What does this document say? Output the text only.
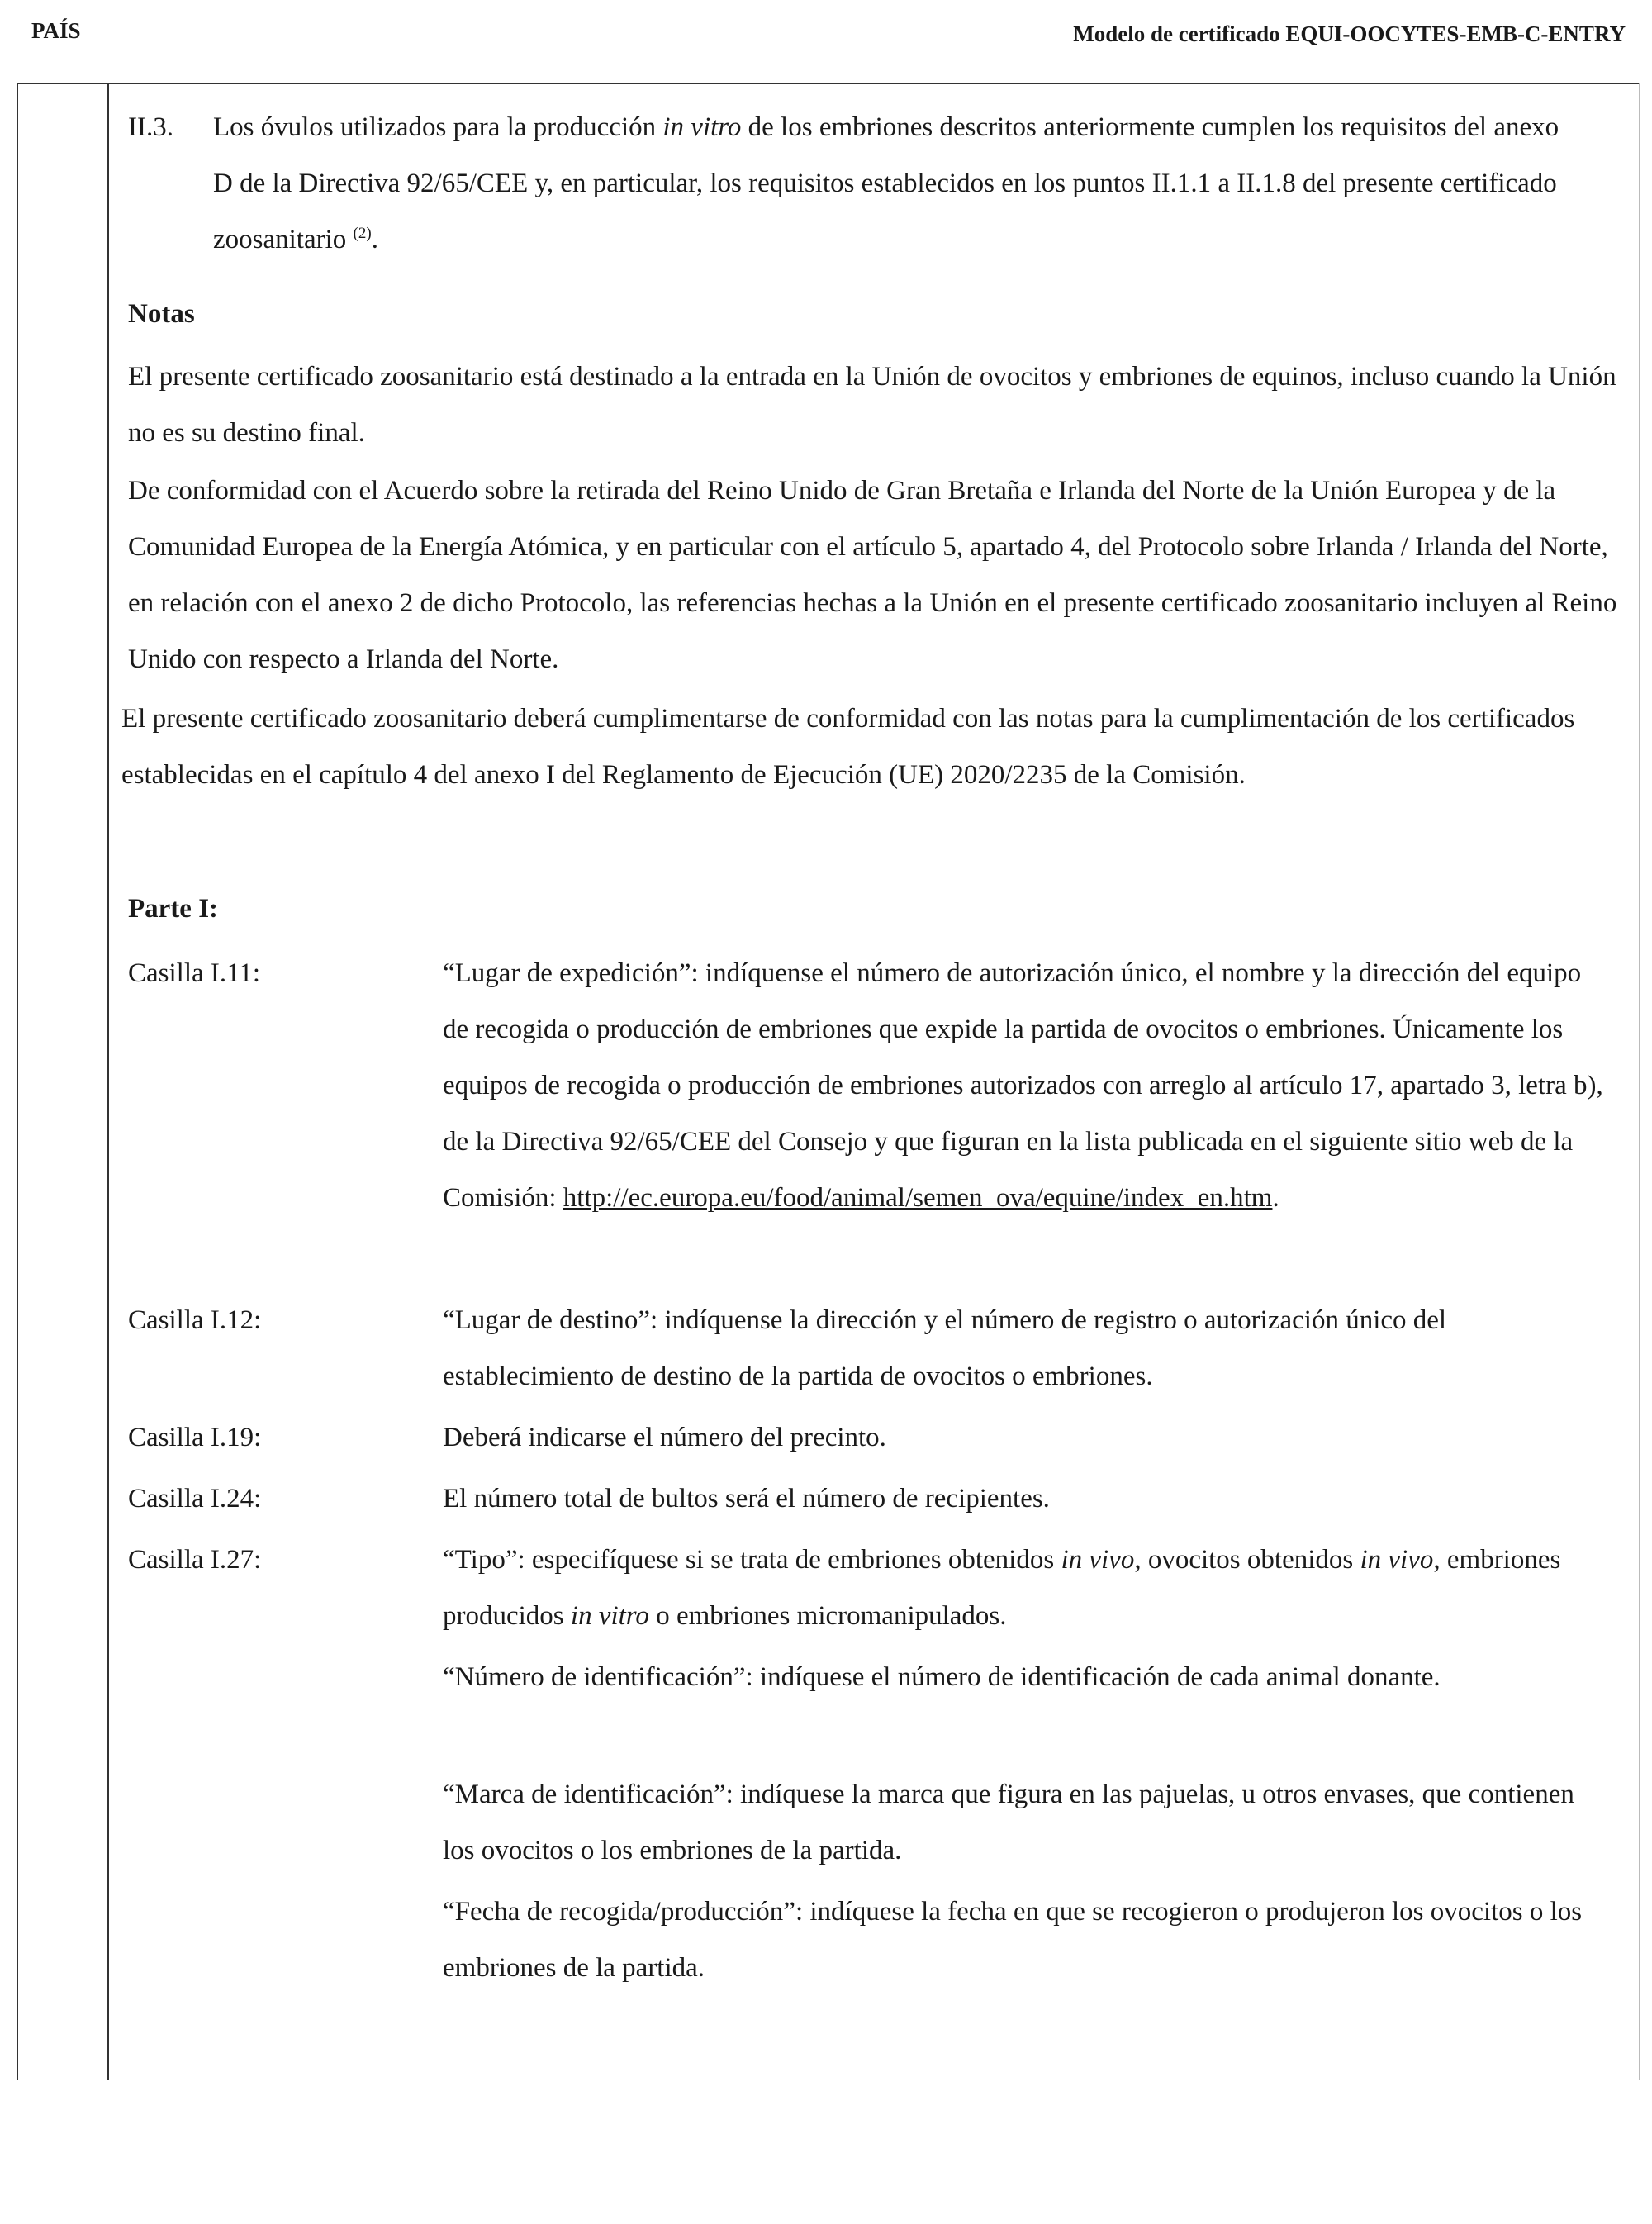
PAÍS	Modelo de certificado EQUI-OOCYTES-EMB-C-ENTRY
II.3. Los óvulos utilizados para la producción in vitro de los embriones descritos anteriormente cumplen los requisitos del anexo D de la Directiva 92/65/CEE y, en particular, los requisitos establecidos en los puntos II.1.1 a II.1.8 del presente certificado zoosanitario $^{(2)}$.
Notas
El presente certificado zoosanitario está destinado a la entrada en la Unión de ovocitos y embriones de equinos, incluso cuando la Unión no es su destino final.
De conformidad con el Acuerdo sobre la retirada del Reino Unido de Gran Bretaña e Irlanda del Norte de la Unión Europea y de la Comunidad Europea de la Energía Atómica, y en particular con el artículo 5, apartado 4, del Protocolo sobre Irlanda / Irlanda del Norte, en relación con el anexo 2 de dicho Protocolo, las referencias hechas a la Unión en el presente certificado zoosanitario incluyen al Reino Unido con respecto a Irlanda del Norte.
El presente certificado zoosanitario deberá cumplimentarse de conformidad con las notas para la cumplimentación de los certificados establecidas en el capítulo 4 del anexo I del Reglamento de Ejecución (UE) 2020/2235 de la Comisión.
Parte I:
Casilla I.11:	“Lugar de expedición”: indíquense el número de autorización único, el nombre y la dirección del equipo de recogida o producción de embriones que expide la partida de ovocitos o embriones. Únicamente los equipos de recogida o producción de embriones autorizados con arreglo al artículo 17, apartado 3, letra b), de la Directiva 92/65/CEE del Consejo y que figuran en la lista publicada en el siguiente sitio web de la Comisión: http://ec.europa.eu/food/animal/semen_ova/equine/index_en.htm.
Casilla I.12:	“Lugar de destino”: indíquense la dirección y el número de registro o autorización único del establecimiento de destino de la partida de ovocitos o embriones.
Casilla I.19:	Deberá indicarse el número del precinto.
Casilla I.24:	El número total de bultos será el número de recipientes.
Casilla I.27:	“Tipo”: especifíquese si se trata de embriones obtenidos in vivo, ovocitos obtenidos in vivo, embriones producidos in vitro o embriones micromanipulados.
“Número de identificación”: indíquese el número de identificación de cada animal donante.
“Marca de identificación”: indíquese la marca que figura en las pajuelas, u otros envases, que contienen los ovocitos o los embriones de la partida.
“Fecha de recogida/producción”: indíquese la fecha en que se recogieron o produjeron los ovocitos o los embriones de la partida.
